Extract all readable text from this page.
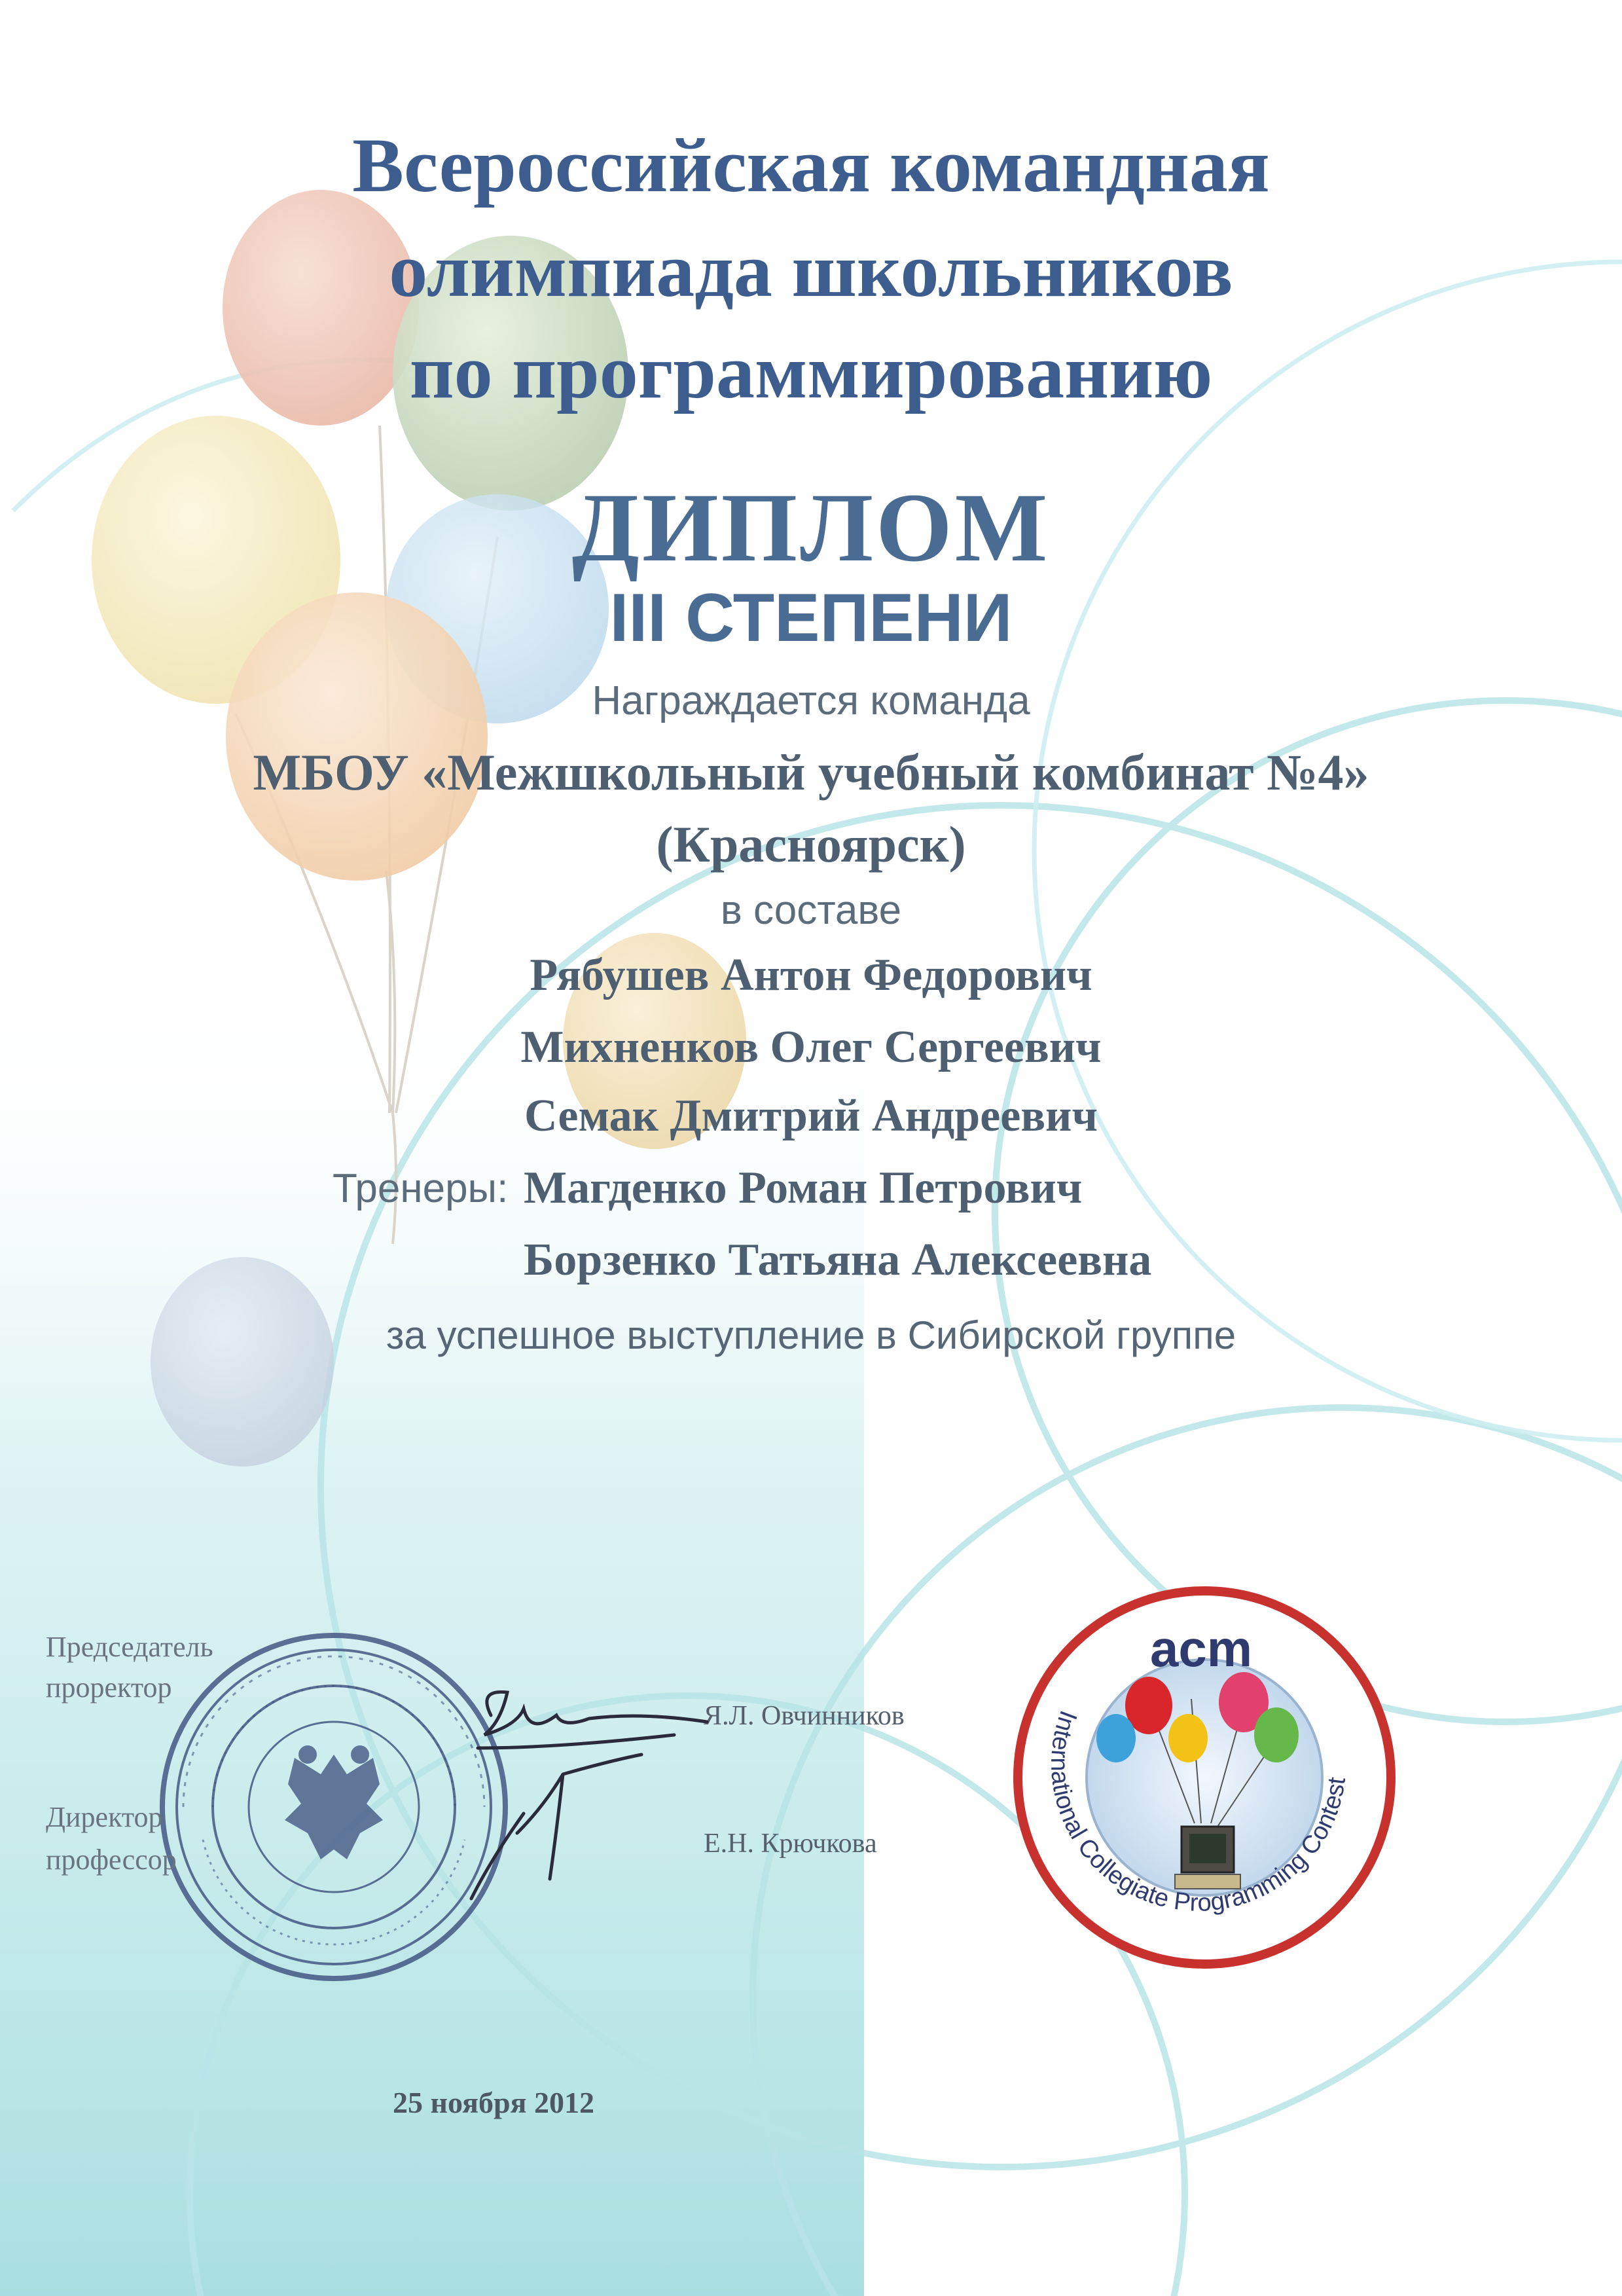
Всероссийская командная
олимпиада школьников
по программированию
ДИПЛОМ
III СТЕПЕНИ
Награждается команда
МБОУ «Межшкольный учебный комбинат №4»
(Красноярск)
в составе
Рябушев Антон Федорович
Михненков Олег Сергеевич
Семак Дмитрий Андреевич
Тренеры: Магденко Роман Петрович
Борзенко Татьяна Алексеевна
за успешное выступление в Сибирской группе
Председатель
проректор
Я.Л. Овчинников
Директор
профессор	Е.Н. Крючкова
25 ноября 2012
acm
International Collegiate Programming Contest
